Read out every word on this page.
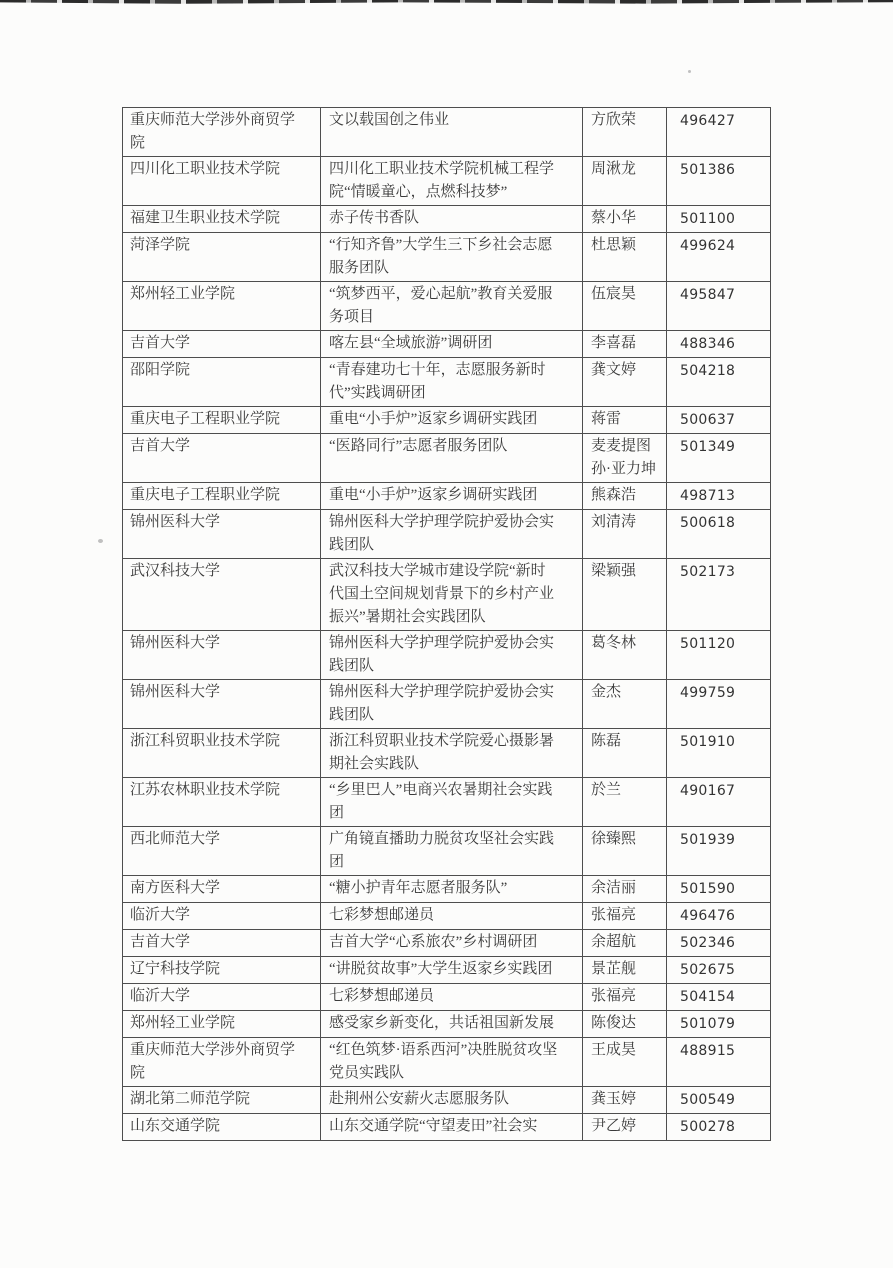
重庆师范大学涉外商贸学院	文以载国创之伟业	方欣荣	496427
四川化工职业技术学院	四川化工职业技术学院机械工程学院“情暖童心，点燃科技梦”	周湫龙	501386
福建卫生职业技术学院	赤子传书香队	蔡小华	501100
菏泽学院	“行知齐鲁”大学生三下乡社会志愿服务团队	杜思颖	499624
郑州轻工业学院	“筑梦西平，爱心起航”教育关爱服务项目	伍宸昊	495847
吉首大学	喀左县“全域旅游”调研团	李喜磊	488346
邵阳学院	“青春建功七十年，志愿服务新时代”实践调研团	龚文婷	504218
重庆电子工程职业学院	重电“小手炉”返家乡调研实践团	蒋雷	500637
吉首大学	“医路同行”志愿者服务团队	麦麦提图孙·亚力坤	501349
重庆电子工程职业学院	重电“小手炉”返家乡调研实践团	熊森浩	498713
锦州医科大学	锦州医科大学护理学院护爱协会实践团队	刘清涛	500618
武汉科技大学	武汉科技大学城市建设学院“新时代国土空间规划背景下的乡村产业振兴”暑期社会实践团队	梁颖强	502173
锦州医科大学	锦州医科大学护理学院护爱协会实践团队	葛冬林	501120
锦州医科大学	锦州医科大学护理学院护爱协会实践团队	金杰	499759
浙江科贸职业技术学院	浙江科贸职业技术学院爱心摄影暑期社会实践队	陈磊	501910
江苏农林职业技术学院	“乡里巴人”电商兴农暑期社会实践团	於兰	490167
西北师范大学	广角镜直播助力脱贫攻坚社会实践团	徐臻熙	501939
南方医科大学	“糖小护青年志愿者服务队”	余洁丽	501590
临沂大学	七彩梦想邮递员	张福亮	496476
吉首大学	吉首大学“心系旅农”乡村调研团	余超航	502346
辽宁科技学院	“讲脱贫故事”大学生返家乡实践团	景芷舰	502675
临沂大学	七彩梦想邮递员	张福亮	504154
郑州轻工业学院	感受家乡新变化，共话祖国新发展	陈俊达	501079
重庆师范大学涉外商贸学院	“红色筑梦·语系西河”决胜脱贫攻坚党员实践队	王成昊	488915
湖北第二师范学院	赴荆州公安薪火志愿服务队	龚玉婷	500549
山东交通学院	山东交通学院“守望麦田”社会实	尹乙婷	500278
